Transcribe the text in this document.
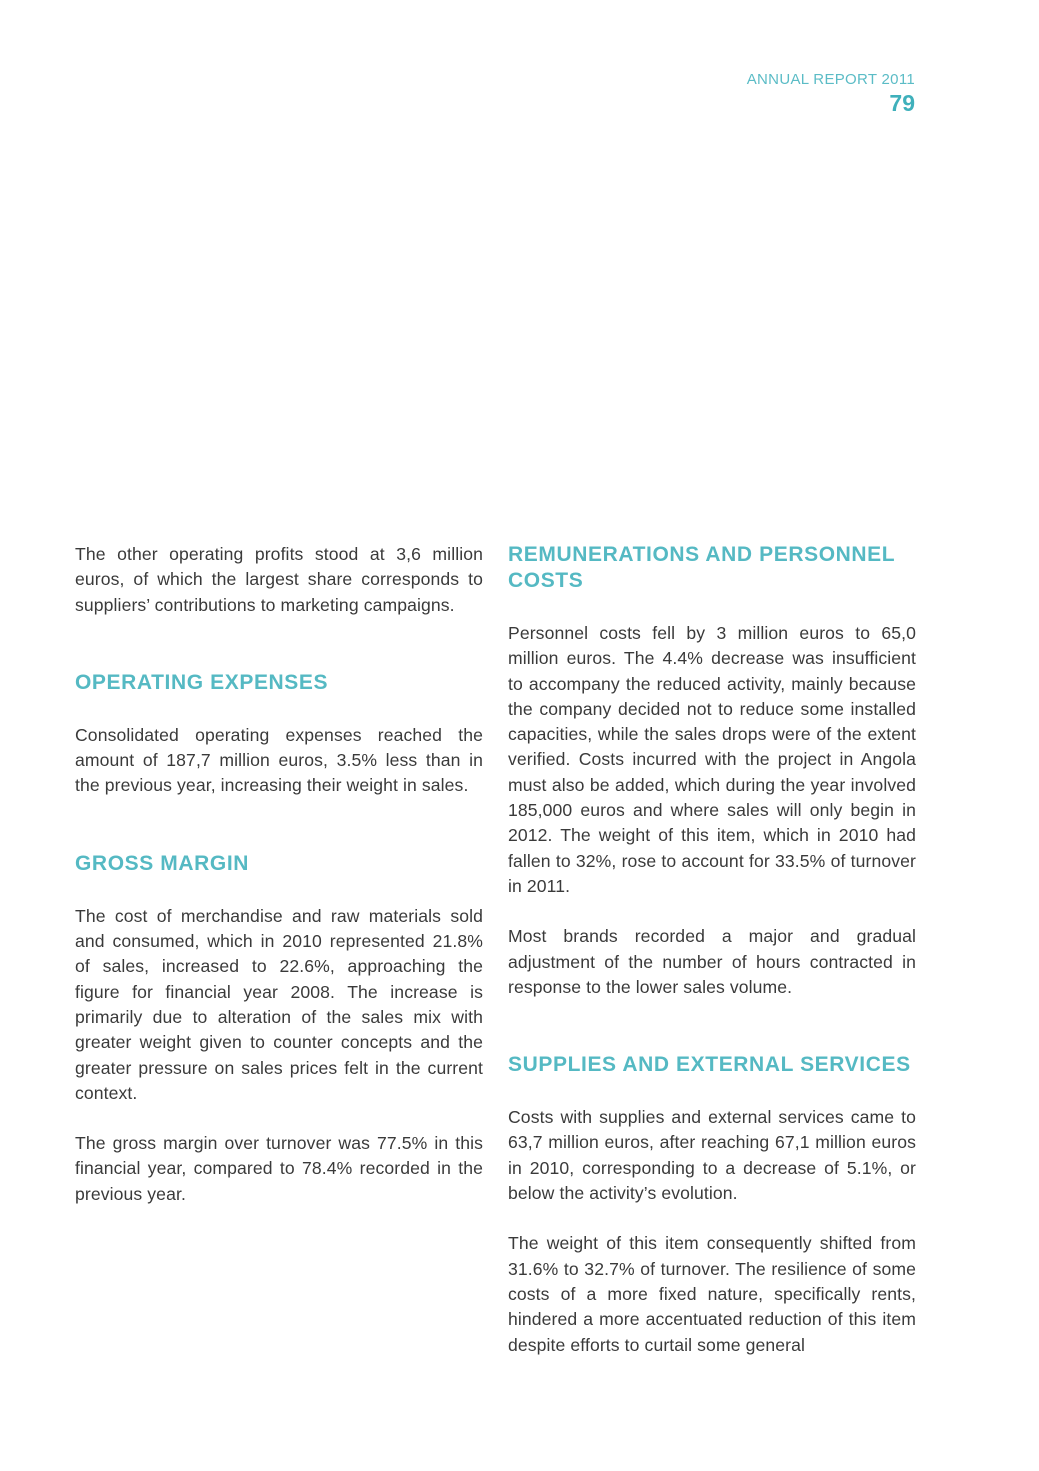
ANNUAL REPORT 2011
79

The other operating profits stood at 3,6 million euros, of which the largest share corresponds to suppliers’ contributions to marketing campaigns.

OPERATING EXPENSES

Consolidated operating expenses reached the amount of 187,7 million euros, 3.5% less than in the previous year, increasing their weight in sales.

GROSS MARGIN

The cost of merchandise and raw materials sold and consumed, which in 2010 represented 21.8% of sales, increased to 22.6%, approaching the figure for financial year 2008. The increase is primarily due to alteration of the sales mix with greater weight given to counter concepts and the greater pressure on sales prices felt in the current context.

The gross margin over turnover was 77.5% in this financial year, compared to 78.4% recorded in the previous year.

REMUNERATIONS AND PERSONNEL COSTS

Personnel costs fell by 3 million euros to 65,0 million euros. The 4.4% decrease was insufficient to accompany the reduced activity, mainly because the company decided not to reduce some installed capacities, while the sales drops were of the extent verified. Costs incurred with the project in Angola must also be added, which during the year involved 185,000 euros and where sales will only begin in 2012. The weight of this item, which in 2010 had fallen to 32%, rose to account for 33.5% of turnover in 2011.

Most brands recorded a major and gradual adjustment of the number of hours contracted in response to the lower sales volume.

SUPPLIES AND EXTERNAL SERVICES

Costs with supplies and external services came to 63,7 million euros, after reaching 67,1 million euros in 2010, corresponding to a decrease of 5.1%, or below the activity’s evolution.

The weight of this item consequently shifted from 31.6% to 32.7% of turnover. The resilience of some costs of a more fixed nature, specifically rents, hindered a more accentuated reduction of this item despite efforts to curtail some general
